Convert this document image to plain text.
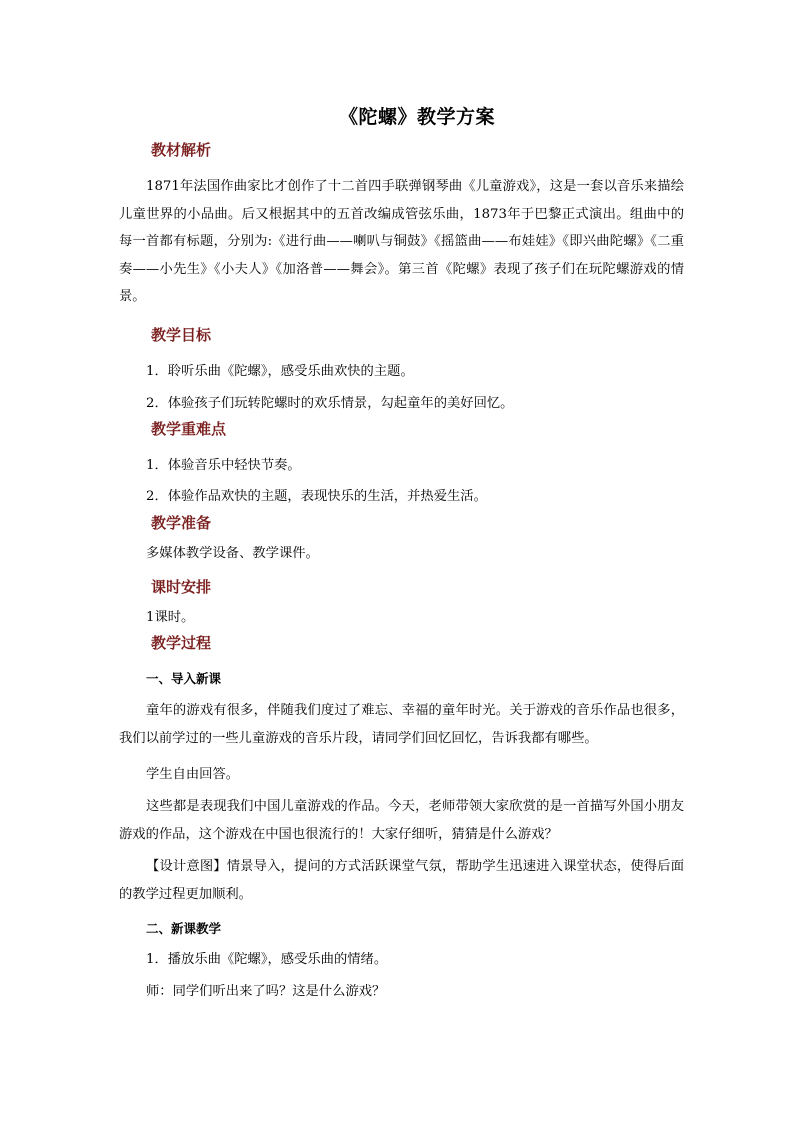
《陀螺》教学方案
教材解析
1871年法国作曲家比才创作了十二首四手联弹钢琴曲《儿童游戏》，这是一套以音乐来描绘儿童世界的小品曲。后又根据其中的五首改编成管弦乐曲，1873年于巴黎正式演出。组曲中的每一首都有标题，分别为:《进行曲——喇叭与铜鼓》《摇篮曲——布娃娃》《即兴曲陀螺》《二重奏——小先生》《小夫人》《加洛普——舞会》。第三首《陀螺》表现了孩子们在玩陀螺游戏的情景。
教学目标
1．聆听乐曲《陀螺》，感受乐曲欢快的主题。
2．体验孩子们玩转陀螺时的欢乐情景，勾起童年的美好回忆。
教学重难点
1．体验音乐中轻快节奏。
2．体验作品欢快的主题，表现快乐的生活，并热爱生活。
教学准备
多媒体教学设备、教学课件。
课时安排
1课时。
教学过程
一、导入新课
童年的游戏有很多，伴随我们度过了难忘、幸福的童年时光。关于游戏的音乐作品也很多，我们以前学过的一些儿童游戏的音乐片段，请同学们回忆回忆，告诉我都有哪些。
学生自由回答。
这些都是表现我们中国儿童游戏的作品。今天，老师带领大家欣赏的是一首描写外国小朋友游戏的作品，这个游戏在中国也很流行的！大家仔细听，猜猜是什么游戏？
【设计意图】情景导入，提问的方式活跃课堂气氛，帮助学生迅速进入课堂状态，使得后面的教学过程更加顺利。
二、新课教学
1．播放乐曲《陀螺》，感受乐曲的情绪。
师：同学们听出来了吗？这是什么游戏？
